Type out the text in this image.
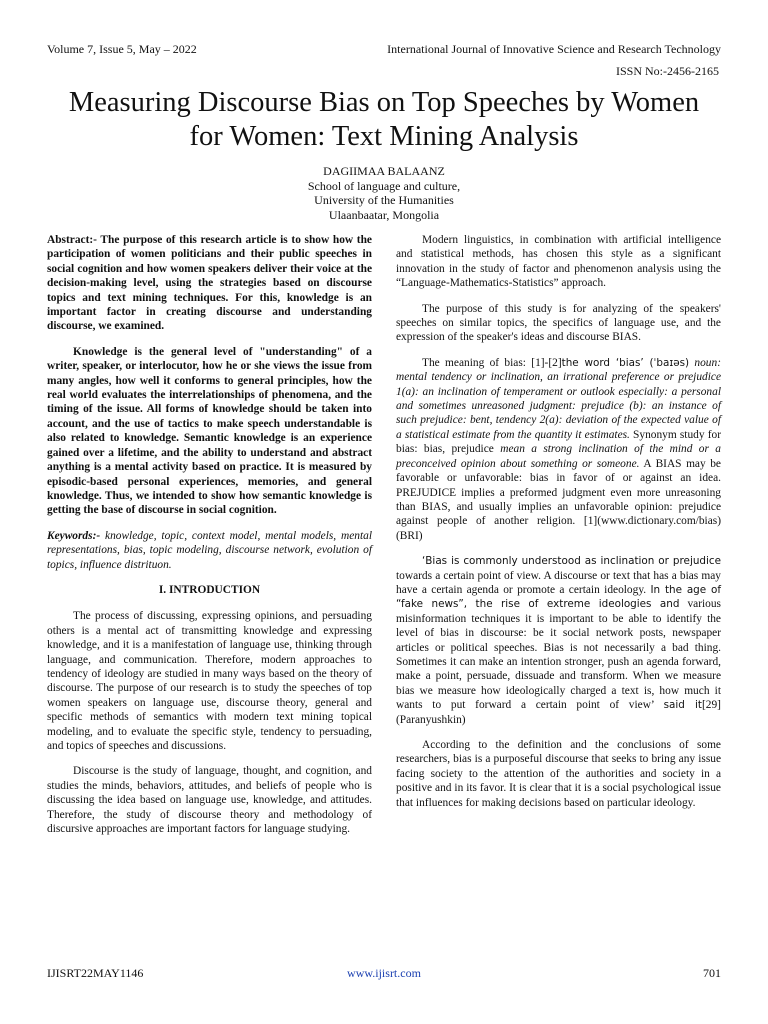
Volume 7, Issue 5, May – 2022	International Journal of Innovative Science and Research Technology
ISSN No:-2456-2165
Measuring Discourse Bias on Top Speeches by Women for Women: Text Mining Analysis
DAGIIMAA BALAANZ
School of language and culture,
University of the Humanities
Ulaanbaatar, Mongolia

Abstract:- The purpose of this research article is to show how the participation of women politicians and their public speeches in social cognition and how women speakers deliver their voice at the decision-making level, using the strategies based on discourse topics and text mining techniques. For this, knowledge is an important factor in creating discourse and understanding discourse, we examined.

Knowledge is the general level of "understanding" of a writer, speaker, or interlocutor, how he or she views the issue from many angles, how well it conforms to general principles, how the real world evaluates the interrelationships of phenomena, and the timing of the issue. All forms of knowledge should be taken into account, and the use of tactics to make speech understandable is also related to knowledge. Semantic knowledge is an experience gained over a lifetime, and the ability to understand and abstract anything is a mental activity based on practice. It is measured by episodic-based personal experiences, memories, and general knowledge. Thus, we intended to show how semantic knowledge is getting the base of discourse in social cognition.

Keywords:- knowledge, topic, context model, mental models, mental representations, bias, topic modeling, discourse network, evolution of topics, influence distrituon.

I. INTRODUCTION

The process of discussing, expressing opinions, and persuading others is a mental act of transmitting knowledge and expressing knowledge, and it is a manifestation of language use, thinking through language, and communication. Therefore, modern approaches to tendency of ideology are studied in many ways based on the theory of discourse. The purpose of our research is to study the speeches of top women speakers on language use, discourse theory, general and specific methods of semantics with modern text mining topical modeling, and to evaluate the specific style, tendency to persuading, and topics of speeches and discussions.

Discourse is the study of language, thought, and cognition, and studies the minds, behaviors, attitudes, and beliefs of people who is discussing the idea based on language use, knowledge, and attitudes. Therefore, the study of discourse theory and methodology of discursive approaches are important factors for language studying.

Modern linguistics, in combination with artificial intelligence and statistical methods, has chosen this style as a significant innovation in the study of factor and phenomenon analysis using the “Language-Mathematics-Statistics” approach.

The purpose of this study is for analyzing of the speakers' speeches on similar topics, the specifics of language use, and the expression of the speaker's ideas and discourse BIAS.

The meaning of bias: [1]-[2]the word ‘bias’ (ˈbaɪəs) noun: mental tendency or inclination, an irrational preference or prejudice 1(a): an inclination of temperament or outlook especially: a personal and sometimes unreasoned judgment: prejudice (b): an instance of such prejudice: bent, tendency 2(a): deviation of the expected value of a statistical estimate from the quantity it estimates. Synonym study for bias: bias, prejudice mean a strong inclination of the mind or a preconceived opinion about something or someone. A BIAS may be favorable or unfavorable: bias in favor of or against an idea. PREJUDICE implies a preformed judgment even more unreasoning than BIAS, and usually implies an unfavorable opinion: prejudice against people of another religion. [1](www.dictionary.com/bias) (BRI)

‘Bias is commonly understood as inclination or prejudice towards a certain point of view. A discourse or text that has a bias may have a certain agenda or promote a certain ideology. In the age of “fake news”, the rise of extreme ideologies and various misinformation techniques it is important to be able to identify the level of bias in discourse: be it social network posts, newspaper articles or political speeches. Bias is not necessarily a bad thing. Sometimes it can make an intention stronger, push an agenda forward, make a point, persuade, dissuade and transform. When we measure bias we measure how ideologically charged a text is, how much it wants to put forward a certain point of view’ said it[29](Paranyushkin)

According to the definition and the conclusions of some researchers, bias is a purposeful discourse that seeks to bring any issue facing society to the attention of the authorities and society in a positive and in its favor. It is clear that it is a social psychological issue that influences for making decisions based on particular ideology.

IJISRT22MAY1146	www.ijisrt.com	701
